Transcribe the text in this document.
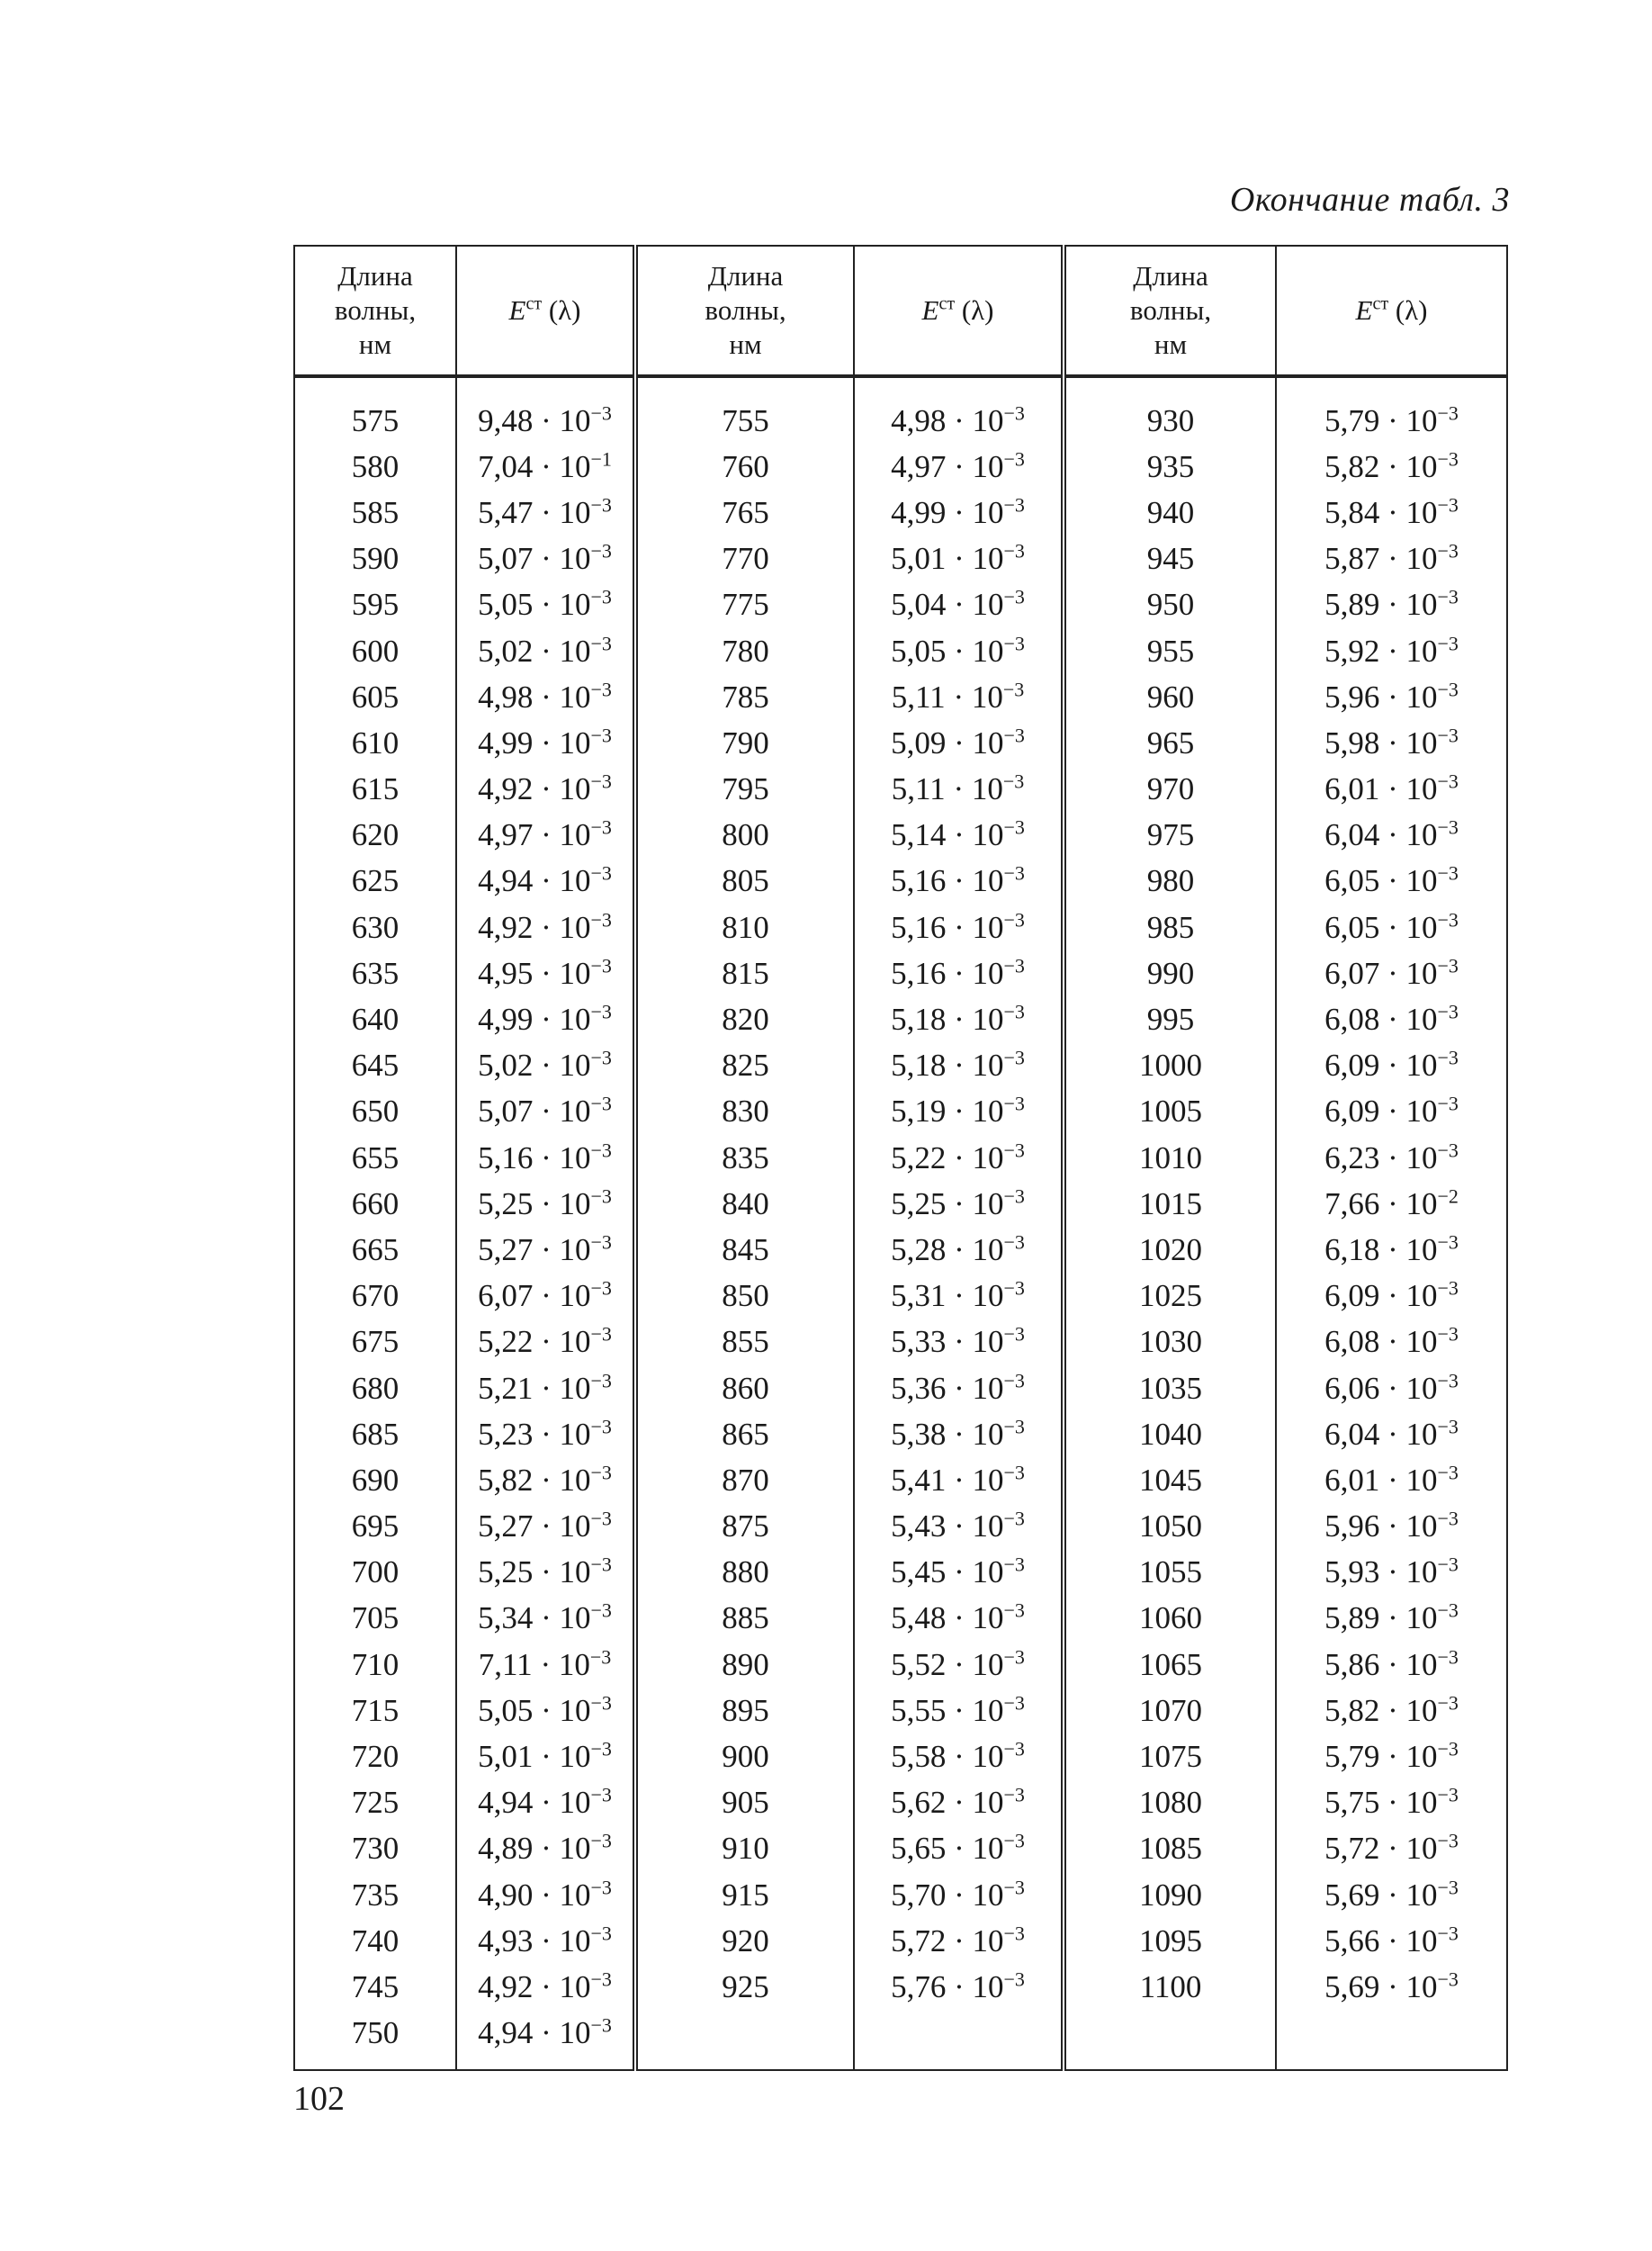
Окончание табл. 3
Длина
волны,
нм	$E^{ст}$ (λ)	Длина
волны,
нм	$E^{ст}$ (λ)	Длина
волны,
нм	$E^{ст}$ (λ)
575	$9,48 \cdot 10^{-3}$	755	$4,98 \cdot 10^{-3}$	930	$5,79 \cdot 10^{-3}$
580	$7,04 \cdot 10^{-1}$	760	$4,97 \cdot 10^{-3}$	935	$5,82 \cdot 10^{-3}$
585	$5,47 \cdot 10^{-3}$	765	$4,99 \cdot 10^{-3}$	940	$5,84 \cdot 10^{-3}$
590	$5,07 \cdot 10^{-3}$	770	$5,01 \cdot 10^{-3}$	945	$5,87 \cdot 10^{-3}$
595	$5,05 \cdot 10^{-3}$	775	$5,04 \cdot 10^{-3}$	950	$5,89 \cdot 10^{-3}$
600	$5,02 \cdot 10^{-3}$	780	$5,05 \cdot 10^{-3}$	955	$5,92 \cdot 10^{-3}$
605	$4,98 \cdot 10^{-3}$	785	$5,11 \cdot 10^{-3}$	960	$5,96 \cdot 10^{-3}$
610	$4,99 \cdot 10^{-3}$	790	$5,09 \cdot 10^{-3}$	965	$5,98 \cdot 10^{-3}$
615	$4,92 \cdot 10^{-3}$	795	$5,11 \cdot 10^{-3}$	970	$6,01 \cdot 10^{-3}$
620	$4,97 \cdot 10^{-3}$	800	$5,14 \cdot 10^{-3}$	975	$6,04 \cdot 10^{-3}$
625	$4,94 \cdot 10^{-3}$	805	$5,16 \cdot 10^{-3}$	980	$6,05 \cdot 10^{-3}$
630	$4,92 \cdot 10^{-3}$	810	$5,16 \cdot 10^{-3}$	985	$6,05 \cdot 10^{-3}$
635	$4,95 \cdot 10^{-3}$	815	$5,16 \cdot 10^{-3}$	990	$6,07 \cdot 10^{-3}$
640	$4,99 \cdot 10^{-3}$	820	$5,18 \cdot 10^{-3}$	995	$6,08 \cdot 10^{-3}$
645	$5,02 \cdot 10^{-3}$	825	$5,18 \cdot 10^{-3}$	1000	$6,09 \cdot 10^{-3}$
650	$5,07 \cdot 10^{-3}$	830	$5,19 \cdot 10^{-3}$	1005	$6,09 \cdot 10^{-3}$
655	$5,16 \cdot 10^{-3}$	835	$5,22 \cdot 10^{-3}$	1010	$6,23 \cdot 10^{-3}$
660	$5,25 \cdot 10^{-3}$	840	$5,25 \cdot 10^{-3}$	1015	$7,66 \cdot 10^{-2}$
665	$5,27 \cdot 10^{-3}$	845	$5,28 \cdot 10^{-3}$	1020	$6,18 \cdot 10^{-3}$
670	$6,07 \cdot 10^{-3}$	850	$5,31 \cdot 10^{-3}$	1025	$6,09 \cdot 10^{-3}$
675	$5,22 \cdot 10^{-3}$	855	$5,33 \cdot 10^{-3}$	1030	$6,08 \cdot 10^{-3}$
680	$5,21 \cdot 10^{-3}$	860	$5,36 \cdot 10^{-3}$	1035	$6,06 \cdot 10^{-3}$
685	$5,23 \cdot 10^{-3}$	865	$5,38 \cdot 10^{-3}$	1040	$6,04 \cdot 10^{-3}$
690	$5,82 \cdot 10^{-3}$	870	$5,41 \cdot 10^{-3}$	1045	$6,01 \cdot 10^{-3}$
695	$5,27 \cdot 10^{-3}$	875	$5,43 \cdot 10^{-3}$	1050	$5,96 \cdot 10^{-3}$
700	$5,25 \cdot 10^{-3}$	880	$5,45 \cdot 10^{-3}$	1055	$5,93 \cdot 10^{-3}$
705	$5,34 \cdot 10^{-3}$	885	$5,48 \cdot 10^{-3}$	1060	$5,89 \cdot 10^{-3}$
710	$7,11 \cdot 10^{-3}$	890	$5,52 \cdot 10^{-3}$	1065	$5,86 \cdot 10^{-3}$
715	$5,05 \cdot 10^{-3}$	895	$5,55 \cdot 10^{-3}$	1070	$5,82 \cdot 10^{-3}$
720	$5,01 \cdot 10^{-3}$	900	$5,58 \cdot 10^{-3}$	1075	$5,79 \cdot 10^{-3}$
725	$4,94 \cdot 10^{-3}$	905	$5,62 \cdot 10^{-3}$	1080	$5,75 \cdot 10^{-3}$
730	$4,89 \cdot 10^{-3}$	910	$5,65 \cdot 10^{-3}$	1085	$5,72 \cdot 10^{-3}$
735	$4,90 \cdot 10^{-3}$	915	$5,70 \cdot 10^{-3}$	1090	$5,69 \cdot 10^{-3}$
740	$4,93 \cdot 10^{-3}$	920	$5,72 \cdot 10^{-3}$	1095	$5,66 \cdot 10^{-3}$
745	$4,92 \cdot 10^{-3}$	925	$5,76 \cdot 10^{-3}$	1100	$5,69 \cdot 10^{-3}$
750	$4,94 \cdot 10^{-3}$				
102
